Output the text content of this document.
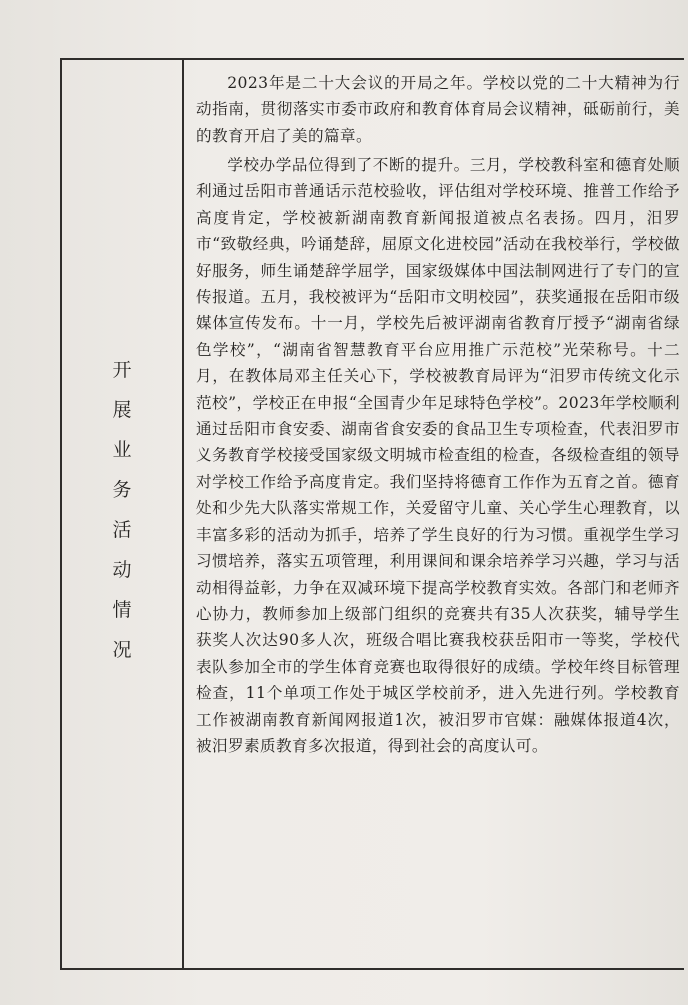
开
展
业
务
活
动
情
况

2023年是二十大会议的开局之年。学校以党的二十大精神为行动指南，贯彻落实市委市政府和教育体育局会议精神，砥砺前行，美的教育开启了美的篇章。

学校办学品位得到了不断的提升。三月，学校教科室和德育处顺利通过岳阳市普通话示范校验收，评估组对学校环境、推普工作给予高度肯定，学校被新湖南教育新闻报道被点名表扬。四月，汨罗市“致敬经典，吟诵楚辞，屈原文化进校园”活动在我校举行，学校做好服务，师生诵楚辞学屈学，国家级媒体中国法制网进行了专门的宣传报道。五月，我校被评为“岳阳市文明校园”，获奖通报在岳阳市级媒体宣传发布。十一月，学校先后被评湖南省教育厅授予“湖南省绿色学校”，“湖南省智慧教育平台应用推广示范校”光荣称号。十二月，在教体局邓主任关心下，学校被教育局评为“汨罗市传统文化示范校”，学校正在申报“全国青少年足球特色学校”。2023年学校顺利通过岳阳市食安委、湖南省食安委的食品卫生专项检查，代表汨罗市义务教育学校接受国家级文明城市检查组的检查，各级检查组的领导对学校工作给予高度肯定。我们坚持将德育工作作为五育之首。德育处和少先大队落实常规工作，关爱留守儿童、关心学生心理教育，以丰富多彩的活动为抓手，培养了学生良好的行为习惯。重视学生学习习惯培养，落实五项管理，利用课间和课余培养学习兴趣，学习与活动相得益彰，力争在双减环境下提高学校教育实效。各部门和老师齐心协力，教师参加上级部门组织的竞赛共有35人次获奖，辅导学生获奖人次达90多人次，班级合唱比赛我校获岳阳市一等奖，学校代表队参加全市的学生体育竞赛也取得很好的成绩。学校年终目标管理检查，11个单项工作处于城区学校前矛，进入先进行列。学校教育工作被湖南教育新闻网报道1次，被汨罗市官媒：融媒体报道4次，被汨罗素质教育多次报道，得到社会的高度认可。
